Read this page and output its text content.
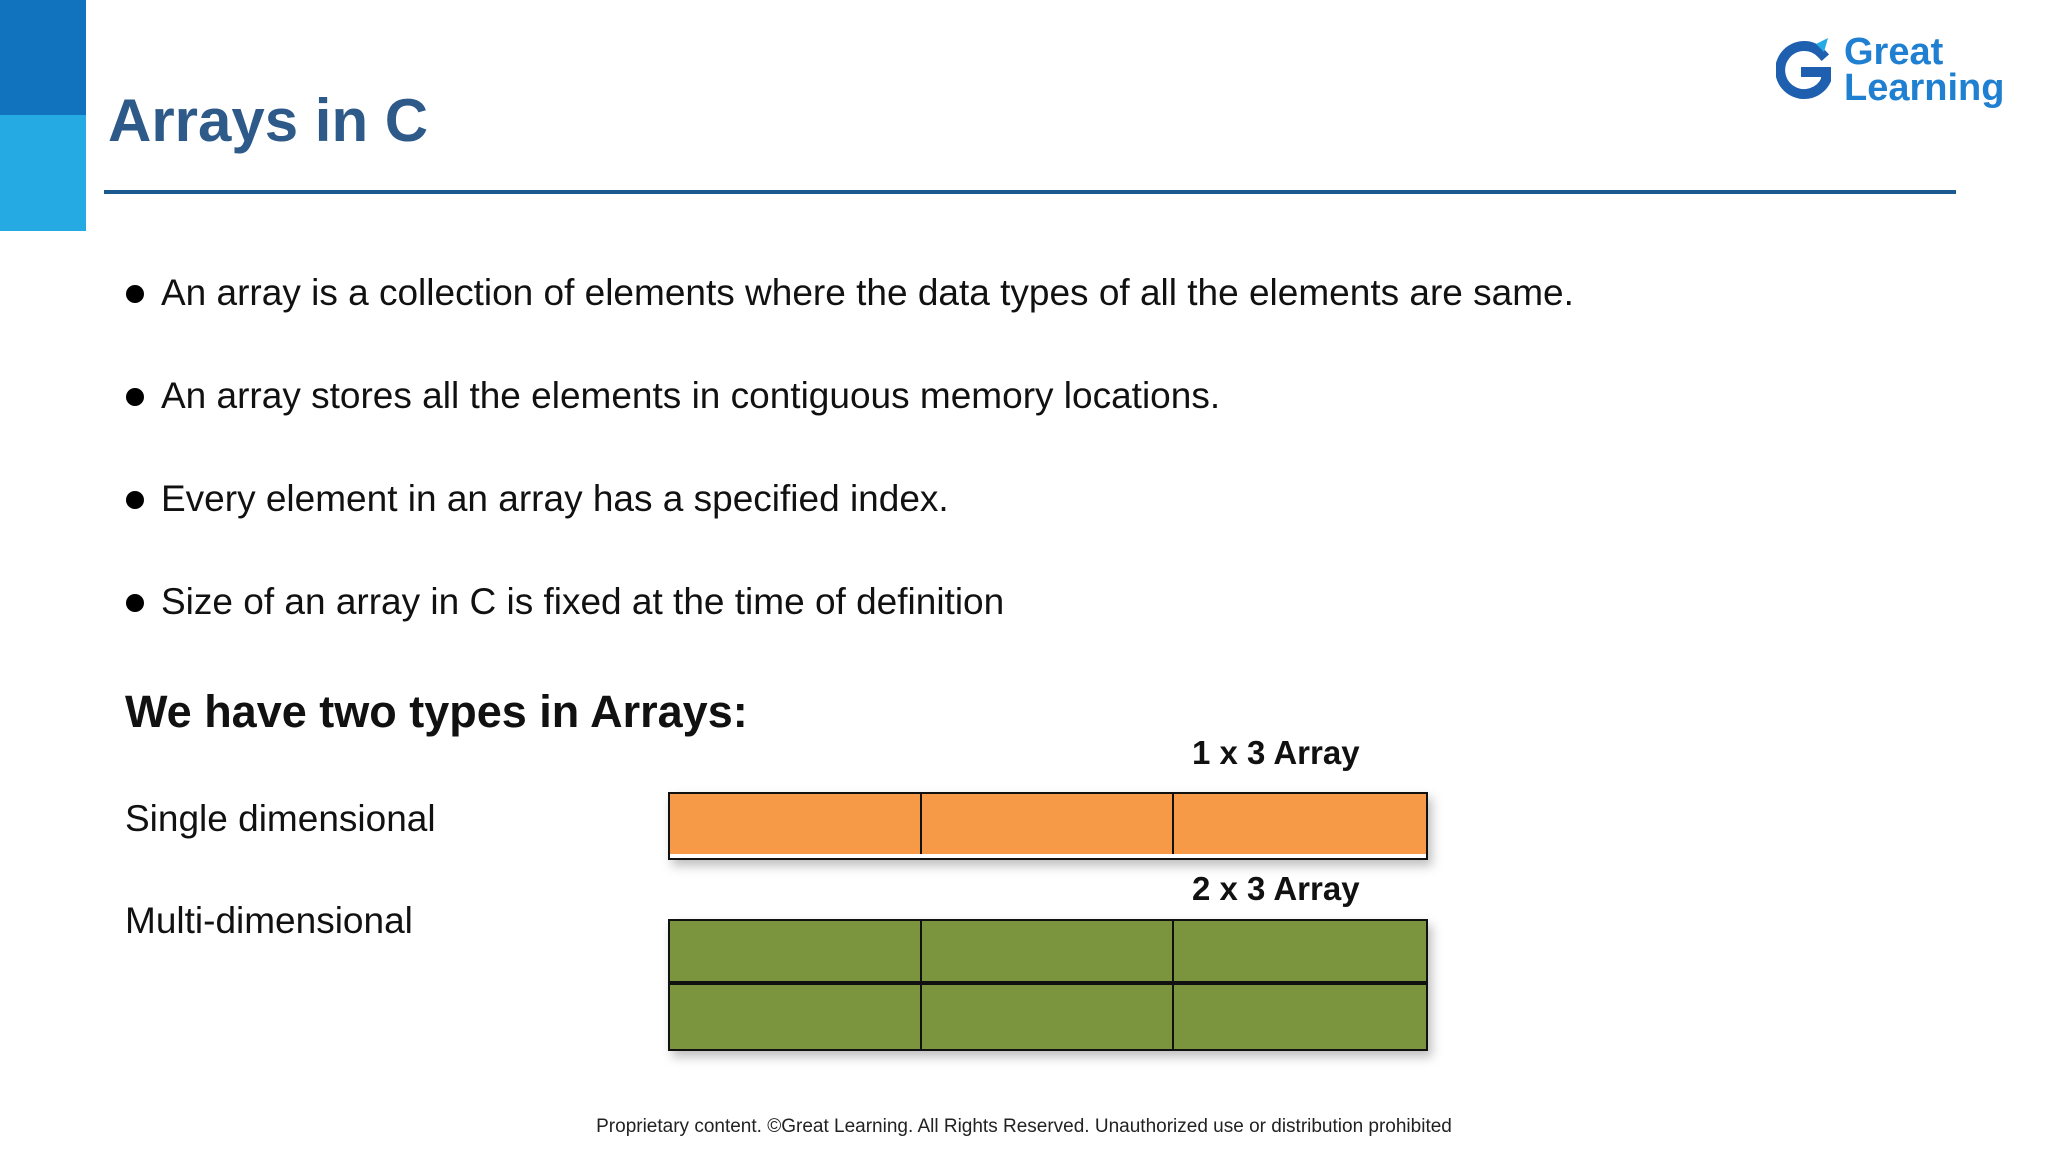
Arrays in C
Great
Learning
An array is a collection of elements where the data types of all the elements are same.
An array stores all the elements in contiguous memory locations.
Every element in an array has a specified index.
Size of an array in C is fixed at the time of definition
We have two types in Arrays:
Single dimensional
Multi-dimensional
1 x 3 Array
2 x 3 Array
Proprietary content. ©Great Learning. All Rights Reserved. Unauthorized use or distribution prohibited
